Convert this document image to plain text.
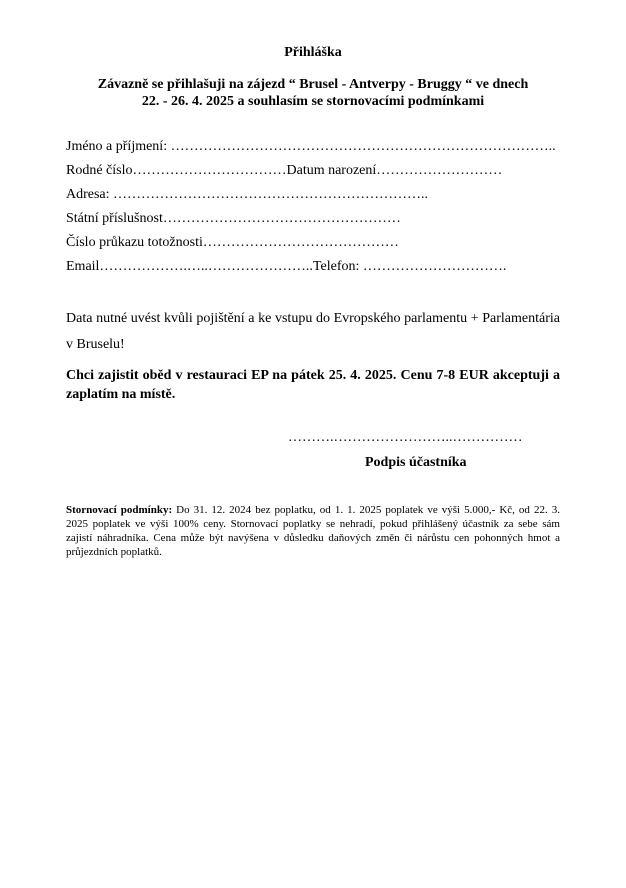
Přihláška
Závazně se přihlašuji na zájezd “ Brusel - Antverpy - Bruggy “ ve dnech
22. - 26. 4. 2025 a souhlasím se stornovacími podmínkami
Jméno a příjmení: ………………………………………………………………………..
Rodné číslo……………………………Datum narození………………………
Adresa: …………………………………………………………..
Státní příslušnost……………………………………………
Číslo průkazu totožnosti……………………………………
Email……………….…..…………………..Telefon: ………………………….
Data nutné uvést kvůli pojištění a ke vstupu do Evropského parlamentu + Parlamentária v Bruselu!
Chci zajistit oběd v restauraci EP na pátek 25. 4. 2025. Cenu 7-8 EUR akceptuji a zaplatím na místě.
……….……………………..……………
Podpis účastníka
Stornovací podmínky: Do 31. 12. 2024 bez poplatku, od 1. 1. 2025 poplatek ve výši 5.000,- Kč, od 22. 3. 2025 poplatek ve výši 100% ceny. Stornovací poplatky se nehradí, pokud přihlášený účastník za sebe sám zajistí náhradníka. Cena může být navýšena v důsledku daňových změn či nárůstu cen pohonných hmot a průjezdních poplatků.
